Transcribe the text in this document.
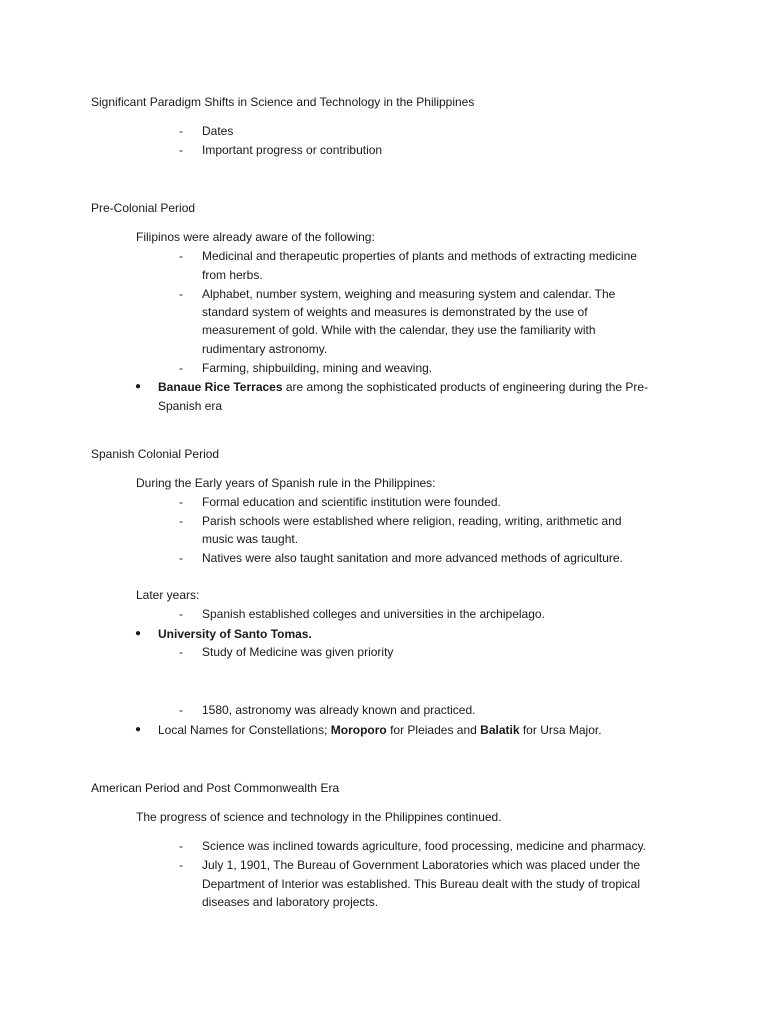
Significant Paradigm Shifts in Science and Technology in the Philippines
-	Dates
-	Important progress or contribution
Pre-Colonial Period
Filipinos were already aware of the following:
-	Medicinal and therapeutic properties of plants and methods of extracting medicine
from herbs.
-	Alphabet, number system, weighing and measuring system and calendar. The
standard system of weights and measures is demonstrated by the use of
measurement of gold. While with the calendar, they use the familiarity with
rudimentary astronomy.
-	Farming, shipbuilding, mining and weaving.
● Banaue Rice Terraces are among the sophisticated products of engineering during the Pre-
Spanish era
Spanish Colonial Period
During the Early years of Spanish rule in the Philippines:
-	Formal education and scientific institution were founded.
-	Parish schools were established where religion, reading, writing, arithmetic and
music was taught.
-	Natives were also taught sanitation and more advanced methods of agriculture.
Later years:
-	Spanish established colleges and universities in the archipelago.
● University of Santo Tomas.
-	Study of Medicine was given priority
-	1580, astronomy was already known and practiced.
● Local Names for Constellations; Moroporo for Pleiades and Balatik for Ursa Major.
American Period and Post Commonwealth Era
The progress of science and technology in the Philippines continued.
-	Science was inclined towards agriculture, food processing, medicine and pharmacy.
-	July 1, 1901, The Bureau of Government Laboratories which was placed under the
Department of Interior was established. This Bureau dealt with the study of tropical
diseases and laboratory projects.
